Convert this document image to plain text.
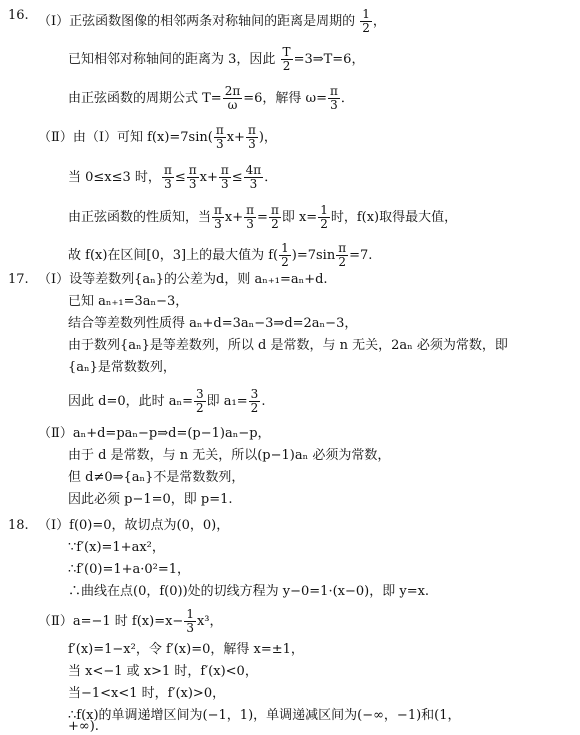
16. （Ⅰ）正弦函数图像的相邻两条对称轴间的距离是周期的 $\frac{1}{2}$ ，
已知相邻对称轴间的距离为 3，因此 $\frac{T}{2}$ =3⇒T=6，
由正弦函数的周期公式 $T= \frac{2\pi}{\omega} =6$，解得 $\omega= \frac{\pi}{3}$ ．
（Ⅱ）由（Ⅰ）可知 $f(x)=7\sin( \frac{\pi}{3} x+ \frac{\pi}{3}$ )，
当 0≤x≤3 时， $\frac{\pi}{3} \le \frac{\pi}{3} x+ \frac{\pi}{3} \le \frac{4\pi}{3}$ ．
由正弦函数的性质知，当 $\frac{\pi}{3} x+ \frac{\pi}{3} = \frac{\pi}{2}$ 即 $x= \frac{1}{2}$ 时，f(x)取得最大值，
故 f(x)在区间[0，3]上的最大值为 $f( \frac{1}{2} )=7\sin \frac{\pi}{2} =7$.
17. （Ⅰ）设等差数列{aₙ}的公差为d，则 aₙ₊₁=aₙ+d.
已知 aₙ₊₁=3aₙ−3，
结合等差数列性质得 aₙ+d=3aₙ−3⇒d=2aₙ−3，
由于数列{aₙ}是等差数列，所以 d 是常数，与 n 无关，2aₙ 必须为常数，即
{aₙ}是常数数列，
因此 d=0，此时 $a_n= \frac{3}{2}$ 即 $a_1= \frac{3}{2}$ .
（Ⅱ）aₙ+d=paₙ−p⇒d=(p−1)aₙ−p，
由于 d 是常数，与 n 无关，所以(p−1)aₙ 必须为常数，
但 d≠0⇒{aₙ}不是常数数列，
因此必须 p−1=0，即 p=1.
18. （Ⅰ）f(0)=0，故切点为(0，0)，
∵f′(x)=1+ax²，
∴f′(0)=1+a·0²=1，
∴曲线在点(0，f(0))处的切线方程为 y−0=1·(x−0)，即 y=x.
（Ⅱ）a=−1 时 $f(x)=x- \frac{1}{3} x^3$，
f′(x)=1−x²，令 f′(x)=0，解得 x=±1，
当 x<−1 或 x>1 时，f′(x)<0，
当−1<x<1 时，f′(x)>0，
∴f(x)的单调递增区间为(−1，1)，单调递减区间为(−∞，−1)和(1，
+∞).
